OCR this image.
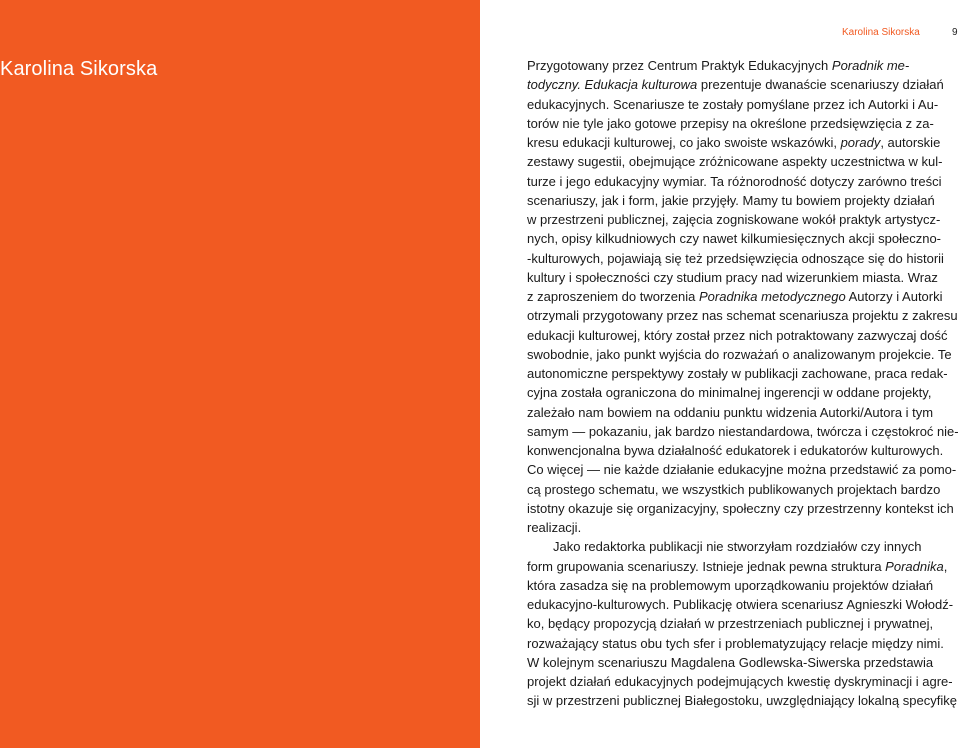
Karolina Sikorska
Karolina Sikorska	9
Przygotowany przez Centrum Praktyk Edukacyjnych Poradnik me-
todyczny. Edukacja kulturowa prezentuje dwanaście scenariuszy działań
edukacyjnych. Scenariusze te zostały pomyślane przez ich Autorki i Au-
torów nie tyle jako gotowe przepisy na określone przedsięwzięcia z za-
kresu edukacji kulturowej, co jako swoiste wskazówki, porady, autorskie
zestawy sugestii, obejmujące zróżnicowane aspekty uczestnictwa w kul-
turze i jego edukacyjny wymiar. Ta różnorodność dotyczy zarówno treści
scenariuszy, jak i form, jakie przyjęły. Mamy tu bowiem projekty działań
w przestrzeni publicznej, zajęcia zogniskowane wokół praktyk artystycz-
nych, opisy kilkudniowych czy nawet kilkumiesięcznych akcji społeczno-
-kulturowych, pojawiają się też przedsięwzięcia odnoszące się do historii
kultury i społeczności czy studium pracy nad wizerunkiem miasta. Wraz
z zaproszeniem do tworzenia Poradnika metodycznego Autorzy i Autorki
otrzymali przygotowany przez nas schemat scenariusza projektu z zakresu
edukacji kulturowej, który został przez nich potraktowany zazwyczaj dość
swobodnie, jako punkt wyjścia do rozważań o analizowanym projekcie. Te
autonomiczne perspektywy zostały w publikacji zachowane, praca redak-
cyjna została ograniczona do minimalnej ingerencji w oddane projekty,
zależało nam bowiem na oddaniu punktu widzenia Autorki/Autora i tym
samym — pokazaniu, jak bardzo niestandardowa, twórcza i częstokroć nie-
konwencjonalna bywa działalność edukatorek i edukatorów kulturowych.
Co więcej — nie każde działanie edukacyjne można przedstawić za pomo-
cą prostego schematu, we wszystkich publikowanych projektach bardzo
istotny okazuje się organizacyjny, społeczny czy przestrzenny kontekst ich
realizacji.
  Jako redaktorka publikacji nie stworzyłam rozdziałów czy innych
form grupowania scenariuszy. Istnieje jednak pewna struktura Poradnika,
która zasadza się na problemowym uporządkowaniu projektów działań
edukacyjno-kulturowych. Publikację otwiera scenariusz Agnieszki Wołodź-
ko, będący propozycją działań w przestrzeniach publicznej i prywatnej,
rozważający status obu tych sfer i problematyzujący relacje między nimi.
W kolejnym scenariuszu Magdalena Godlewska-Siwerska przedstawia
projekt działań edukacyjnych podejmujących kwestię dyskryminacji i agre-
sji w przestrzeni publicznej Białegostoku, uwzględniający lokalną specyfikę
